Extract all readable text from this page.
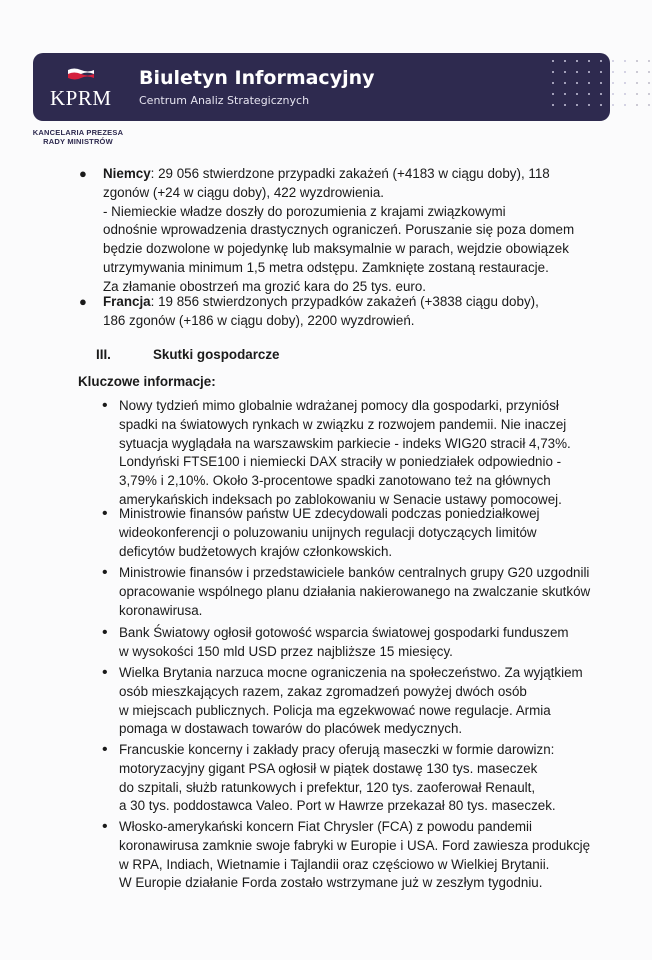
KPRM
Biuletyn Informacyjny
Centrum Analiz Strategicznych
KANCELARIA PREZESA
RADY MINISTRÓW
● Niemcy: 29 056 stwierdzone przypadki zakażeń (+4183 w ciągu doby), 118
zgonów (+24 w ciągu doby), 422 wyzdrowienia.
- Niemieckie władze doszły do porozumienia z krajami związkowymi
odnośnie wprowadzenia drastycznych ograniczeń. Poruszanie się poza domem
będzie dozwolone w pojedynkę lub maksymalnie w parach, wejdzie obowiązek
utrzymywania minimum 1,5 metra odstępu. Zamknięte zostaną restauracje.
Za złamanie obostrzeń ma grozić kara do 25 tys. euro.
● Francja: 19 856 stwierdzonych przypadków zakażeń (+3838 ciągu doby),
186 zgonów (+186 w ciągu doby), 2200 wyzdrowień.
III.	Skutki gospodarcze
Kluczowe informacje:
• Nowy tydzień mimo globalnie wdrażanej pomocy dla gospodarki, przyniósł
spadki na światowych rynkach w związku z rozwojem pandemii. Nie inaczej
sytuacja wyglądała na warszawskim parkiecie - indeks WIG20 stracił 4,73%.
Londyński FTSE100 i niemiecki DAX straciły w poniedziałek odpowiednio -
3,79% i 2,10%. Około 3-procentowe spadki zanotowano też na głównych
amerykańskich indeksach po zablokowaniu w Senacie ustawy pomocowej.
• Ministrowie finansów państw UE zdecydowali podczas poniedziałkowej
wideokonferencji o poluzowaniu unijnych regulacji dotyczących limitów
deficytów budżetowych krajów członkowskich.
• Ministrowie finansów i przedstawiciele banków centralnych grupy G20 uzgodnili
opracowanie wspólnego planu działania nakierowanego na zwalczanie skutków
koronawirusa.
• Bank Światowy ogłosił gotowość wsparcia światowej gospodarki funduszem
w wysokości 150 mld USD przez najbliższe 15 miesięcy.
• Wielka Brytania narzuca mocne ograniczenia na społeczeństwo. Za wyjątkiem
osób mieszkających razem, zakaz zgromadzeń powyżej dwóch osób
w miejscach publicznych. Policja ma egzekwować nowe regulacje. Armia
pomaga w dostawach towarów do placówek medycznych.
• Francuskie koncerny i zakłady pracy oferują maseczki w formie darowizn:
motoryzacyjny gigant PSA ogłosił w piątek dostawę 130 tys. maseczek
do szpitali, służb ratunkowych i prefektur, 120 tys. zaoferował Renault,
a 30 tys. poddostawca Valeo. Port w Hawrze przekazał 80 tys. maseczek.
• Włosko-amerykański koncern Fiat Chrysler (FCA) z powodu pandemii
koronawirusa zamknie swoje fabryki w Europie i USA. Ford zawiesza produkcję
w RPA, Indiach, Wietnamie i Tajlandii oraz częściowo w Wielkiej Brytanii.
W Europie działanie Forda zostało wstrzymane już w zeszłym tygodniu.
